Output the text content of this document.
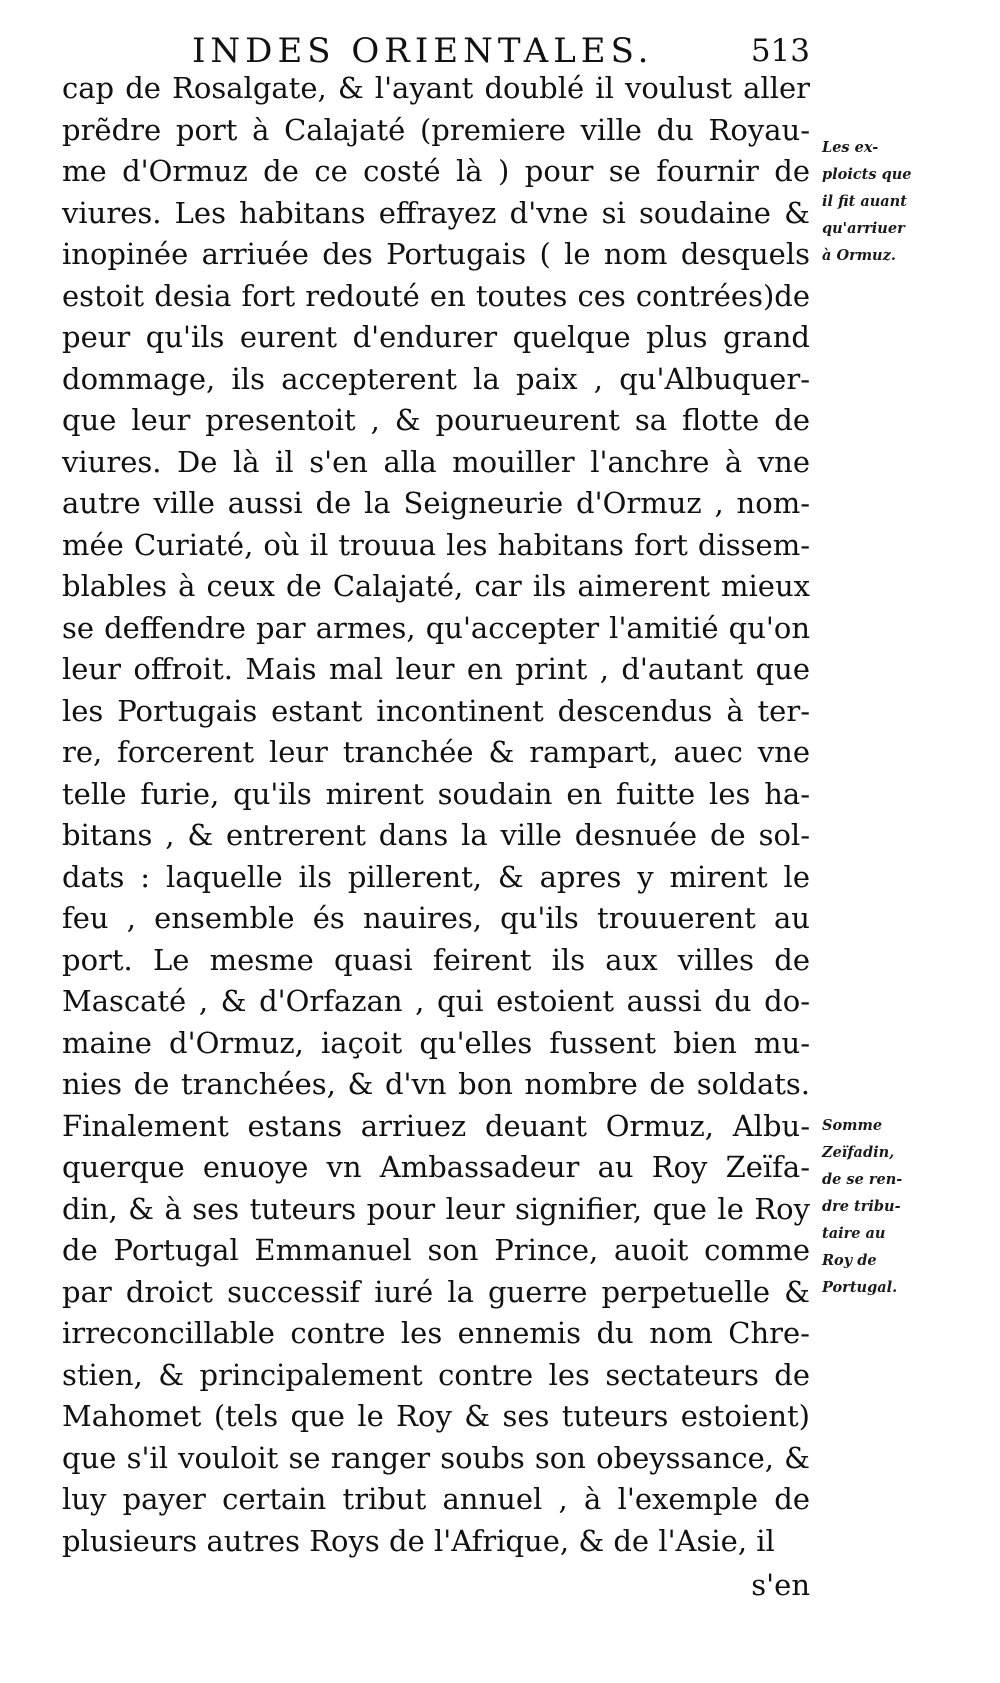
INDES ORIENTALES.	513
cap de Rosalgate, & l'ayant doublé il voulust aller
prẽdre port à Calajaté (premiere ville du Royau-
me d'Ormuz de ce costé là ) pour se fournir de
viures. Les habitans effrayez d'vne si soudaine &
inopinée arriuée des Portugais ( le nom desquels
estoit desia fort redouté en toutes ces contrées)de
peur qu'ils eurent d'endurer quelque plus grand
dommage, ils accepterent la paix , qu'Albuquer-
que leur presentoit , & pourueurent sa flotte de
viures. De là il s'en alla mouiller l'anchre à vne
autre ville aussi de la Seigneurie d'Ormuz , nom-
mée Curiaté, où il trouua les habitans fort dissem-
blables à ceux de Calajaté, car ils aimerent mieux
se deffendre par armes, qu'accepter l'amitié qu'on
leur offroit. Mais mal leur en print , d'autant que
les Portugais estant incontinent descendus à ter-
re, forcerent leur tranchée & rampart, auec vne
telle furie, qu'ils mirent soudain en fuitte les ha-
bitans , & entrerent dans la ville desnuée de sol-
dats : laquelle ils pillerent, & apres y mirent le
feu , ensemble és nauires, qu'ils trouuerent au
port. Le mesme quasi feirent ils aux villes de
Mascaté , & d'Orfazan , qui estoient aussi du do-
maine d'Ormuz, iaçoit qu'elles fussent bien mu-
nies de tranchées, & d'vn bon nombre de soldats.
Finalement estans arriuez deuant Ormuz, Albu-
querque enuoye vn Ambassadeur au Roy Zeïfa-
din, & à ses tuteurs pour leur signifier, que le Roy
de Portugal Emmanuel son Prince, auoit comme
par droict successif iuré la guerre perpetuelle &
irreconcillable contre les ennemis du nom Chre-
stien, & principalement contre les sectateurs de
Mahomet (tels que le Roy & ses tuteurs estoient)
que s'il vouloit se ranger soubs son obeyssance, &
luy payer certain tribut annuel , à l'exemple de
plusieurs autres Roys de l'Afrique, & de l'Asie, il
s'en
Les ex-
ploicts que
il fit auant
qu'arriuer
à Ormuz.
Somme
Zeïfadin,
de se ren-
dre tribu-
taire au
Roy de
Portugal.
